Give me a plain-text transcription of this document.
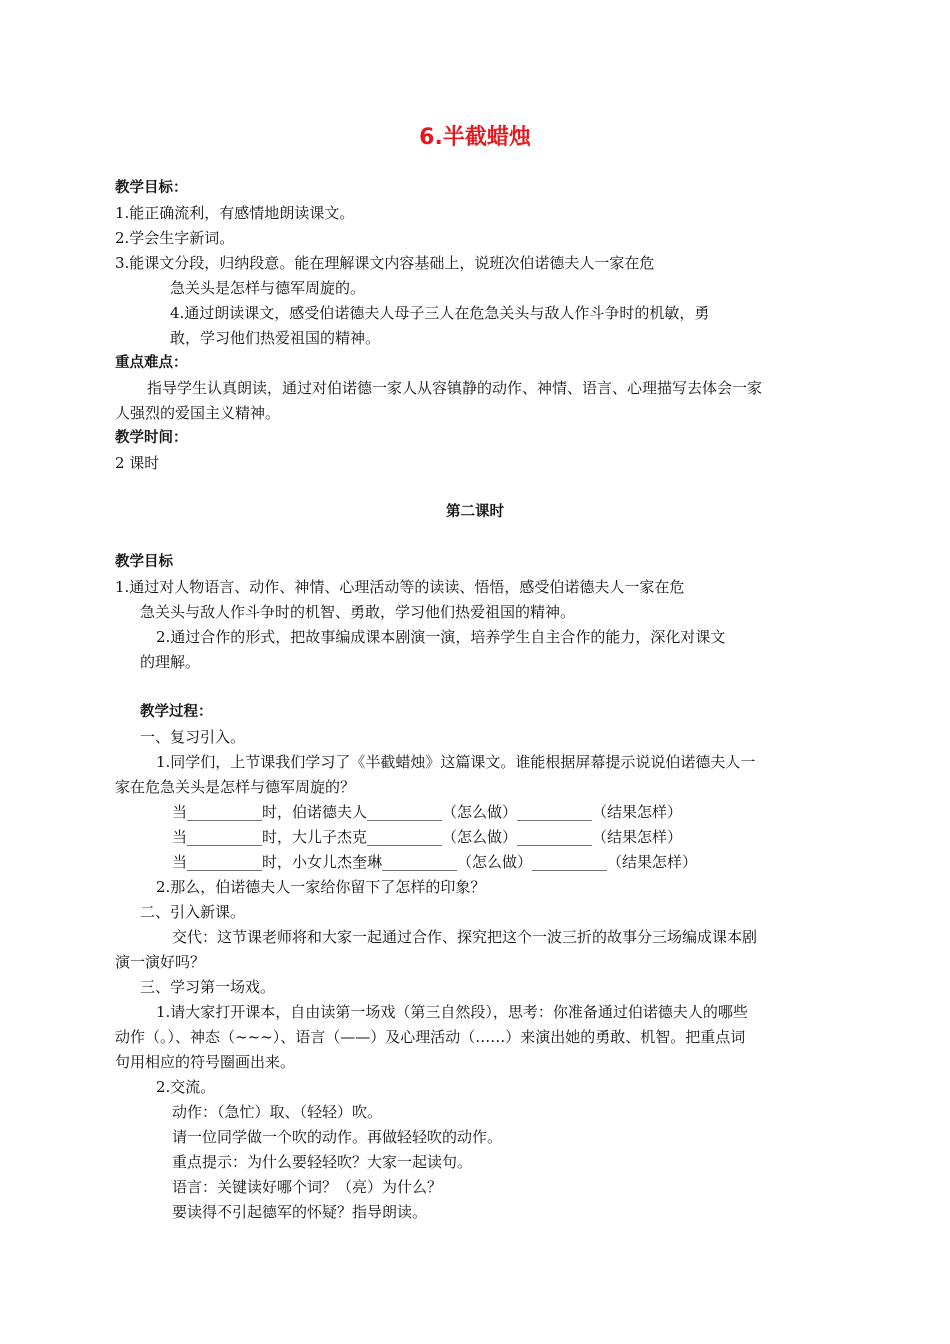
6.半截蜡烛
教学目标：
1.能正确流利，有感情地朗读课文。
2.学会生字新词。
3.能课文分段，归纳段意。能在理解课文内容基础上，说班次伯诺德夫人一家在危
急关头是怎样与德军周旋的。
4.通过朗读课文，感受伯诺德夫人母子三人在危急关头与敌人作斗争时的机敏，勇
敢，学习他们热爱祖国的精神。
重点难点：
指导学生认真朗读，通过对伯诺德一家人从容镇静的动作、神情、语言、心理描写去体会一家
人强烈的爱国主义精神。
教学时间：
2 课时
第二课时
教学目标
1.通过对人物语言、动作、神情、心理活动等的读读、悟悟，感受伯诺德夫人一家在危
急关头与敌人作斗争时的机智、勇敢，学习他们热爱祖国的精神。
2.通过合作的形式，把故事编成课本剧演一演，培养学生自主合作的能力，深化对课文
的理解。
教学过程：
一、复习引入。
1.同学们，上节课我们学习了《半截蜡烛》这篇课文。谁能根据屏幕提示说说伯诺德夫人一
家在危急关头是怎样与德军周旋的？
当__________时，伯诺德夫人__________（怎么做）__________（结果怎样）
当__________时，大儿子杰克__________（怎么做）__________（结果怎样）
当__________时，小女儿杰奎琳__________（怎么做）__________（结果怎样）
2.那么，伯诺德夫人一家给你留下了怎样的印象？
二、引入新课。
交代：这节课老师将和大家一起通过合作、探究把这个一波三折的故事分三场编成课本剧
演一演好吗？
三、学习第一场戏。
1.请大家打开课本，自由读第一场戏（第三自然段），思考：你准备通过伯诺德夫人的哪些
动作（。）、神态（~~~）、语言（——）及心理活动（……）来演出她的勇敢、机智。把重点词
句用相应的符号圈画出来。
2.交流。
动作：（急忙）取、（轻轻）吹。
请一位同学做一个吹的动作。再做轻轻吹的动作。
重点提示：为什么要轻轻吹？大家一起读句。
语言：关键读好哪个词？（亮）为什么？
要读得不引起德军的怀疑？指导朗读。
